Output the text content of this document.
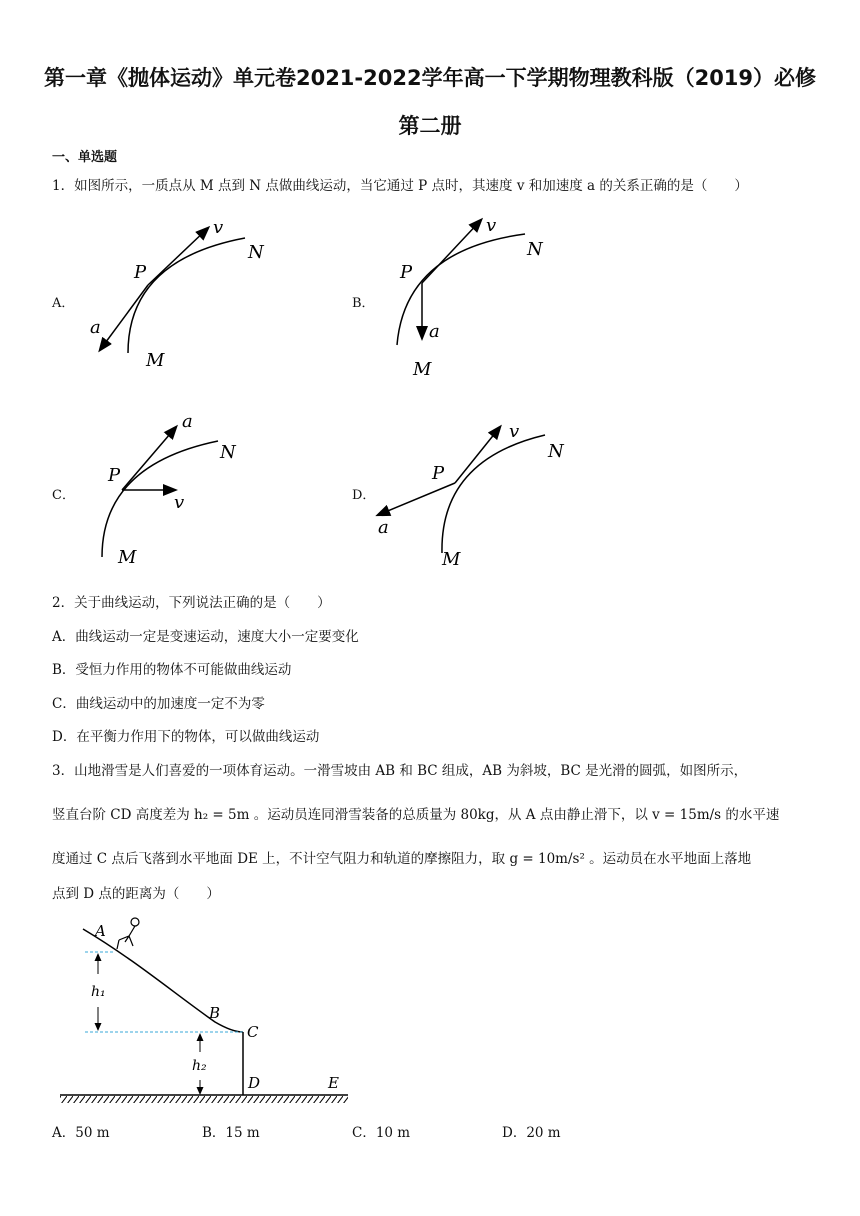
第一章《抛体运动》单元卷2021-2022学年高一下学期物理教科版（2019）必修
第二册
一、单选题
1．如图所示，一质点从 M 点到 N 点做曲线运动，当它通过 P 点时，其速度 v 和加速度 a 的关系正确的是（　　）
A．	B．
C．	D．
v
N
P
a
M
v
N
P
a
M
a
N
P
v
M
v
N
P
a
M
2．关于曲线运动，下列说法正确的是（　　）
A．曲线运动一定是变速运动，速度大小一定要变化
B．受恒力作用的物体不可能做曲线运动
C．曲线运动中的加速度一定不为零
D．在平衡力作用下的物体，可以做曲线运动
3．山地滑雪是人们喜爱的一项体育运动。一滑雪坡由 AB 和 BC 组成，AB 为斜坡，BC 是光滑的圆弧，如图所示，
竖直台阶 CD 高度差为 h₂ = 5m 。运动员连同滑雪装备的总质量为 80kg，从 A 点由静止滑下，以 v = 15m/s 的水平速
度通过 C 点后飞落到水平地面 DE 上，不计空气阻力和轨道的摩擦阻力，取 g = 10m/s² 。运动员在水平地面上落地
点到 D 点的距离为（　　）
A
h₁
B
C
h₂
D	E
A．50 m	B．15 m	C．10 m	D．20 m
